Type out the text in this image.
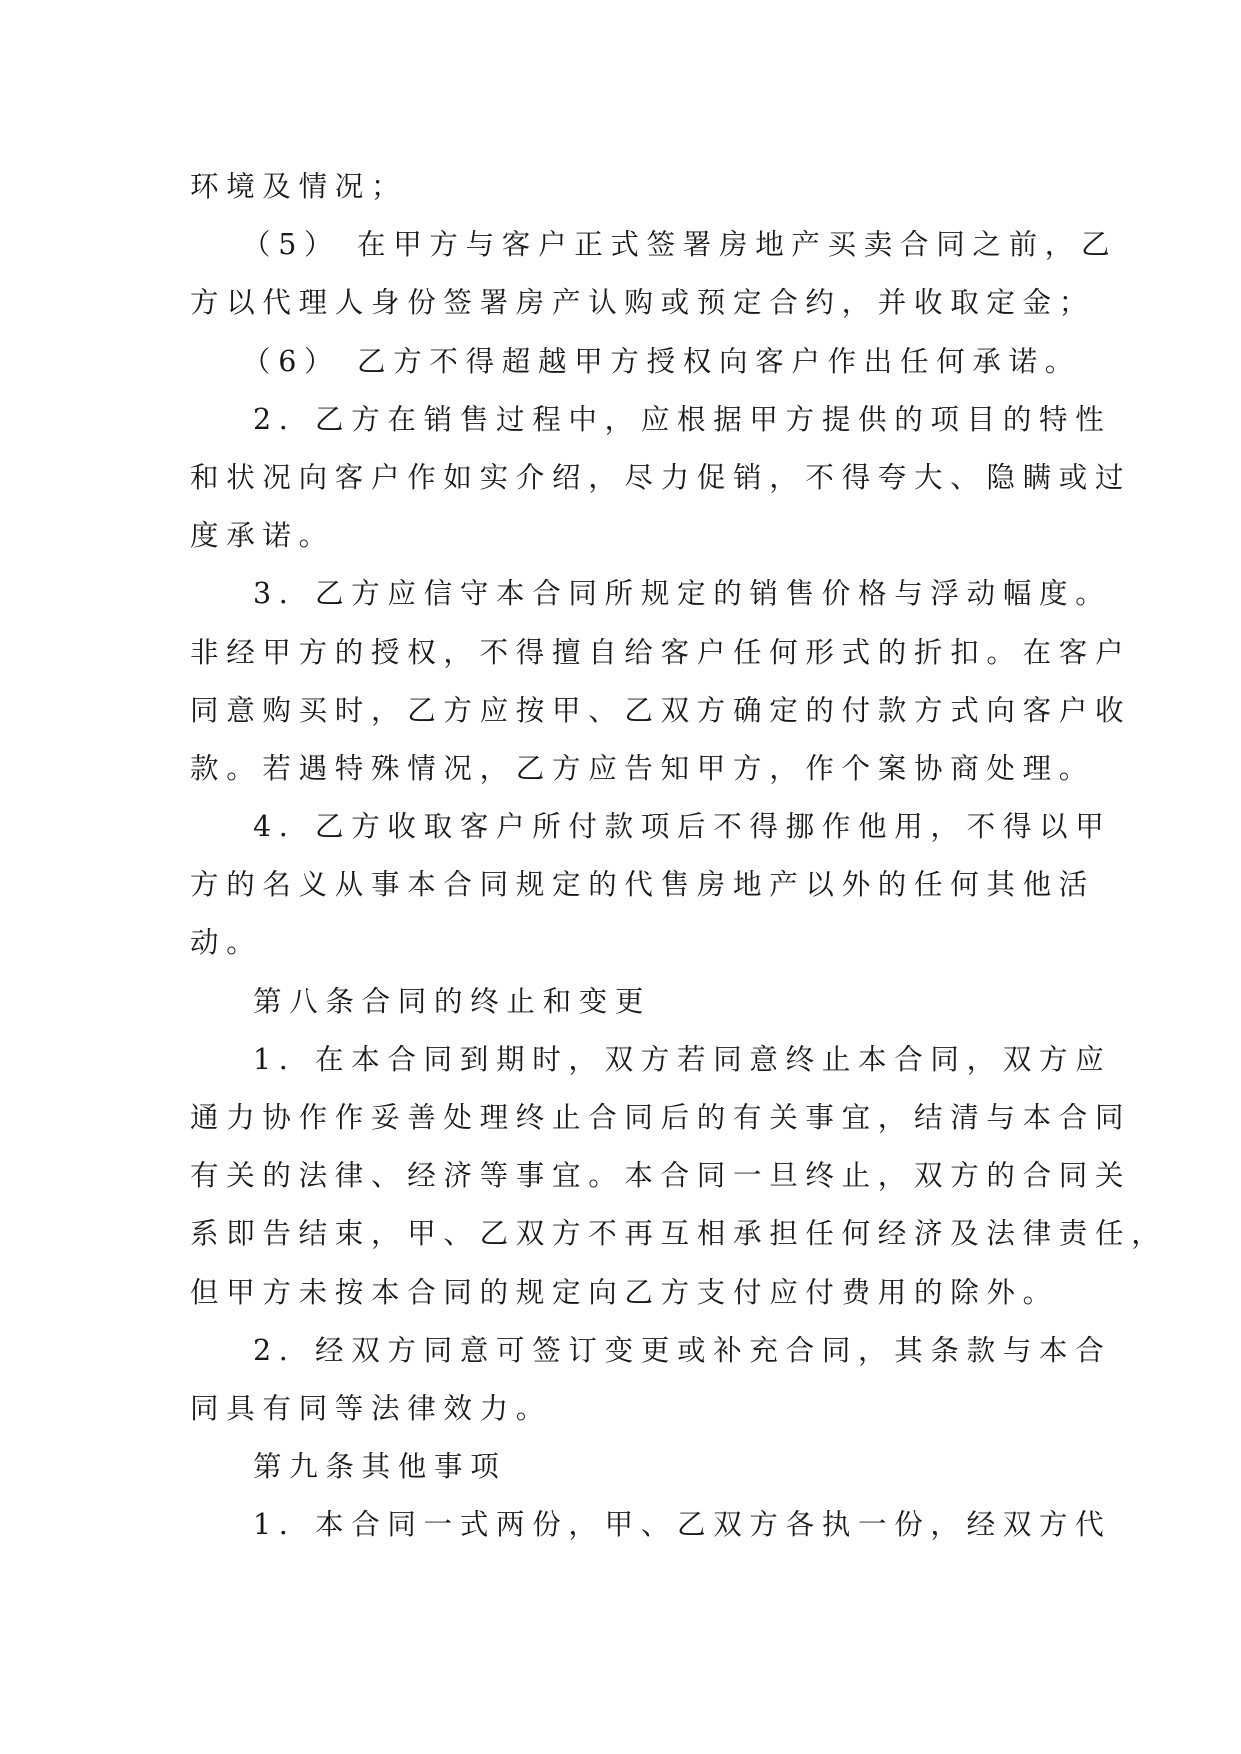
环境及情况；
（5） 在甲方与客户正式签署房地产买卖合同之前，乙
方以代理人身份签署房产认购或预定合约，并收取定金；
（6） 乙方不得超越甲方授权向客户作出任何承诺。
2．乙方在销售过程中，应根据甲方提供的项目的特性
和状况向客户作如实介绍，尽力促销，不得夸大、隐瞒或过
度承诺。
3．乙方应信守本合同所规定的销售价格与浮动幅度。
非经甲方的授权，不得擅自给客户任何形式的折扣。在客户
同意购买时，乙方应按甲、乙双方确定的付款方式向客户收
款。若遇特殊情况，乙方应告知甲方，作个案协商处理。
4．乙方收取客户所付款项后不得挪作他用，不得以甲
方的名义从事本合同规定的代售房地产以外的任何其他活
动。
第八条合同的终止和变更
1．在本合同到期时，双方若同意终止本合同，双方应
通力协作作妥善处理终止合同后的有关事宜，结清与本合同
有关的法律、经济等事宜。本合同一旦终止，双方的合同关
系即告结束，甲、乙双方不再互相承担任何经济及法律责任，
但甲方未按本合同的规定向乙方支付应付费用的除外。
2．经双方同意可签订变更或补充合同，其条款与本合
同具有同等法律效力。
第九条其他事项
1．本合同一式两份，甲、乙双方各执一份，经双方代
